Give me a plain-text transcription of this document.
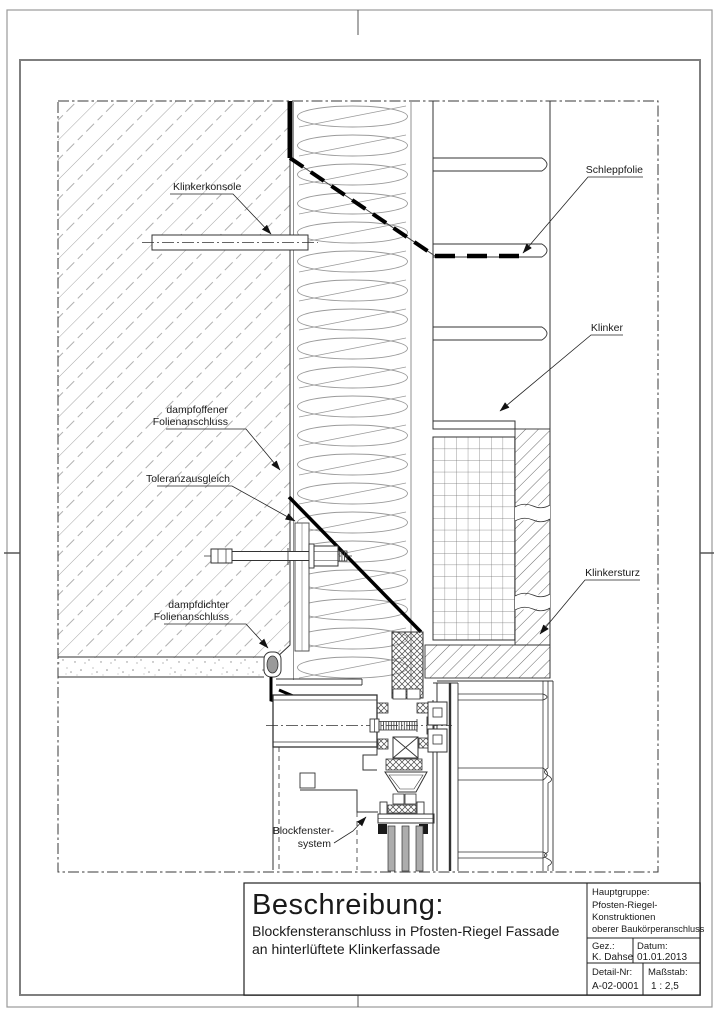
Klinkerkonsole
Schleppfolie
Klinker
dampfoffener
Folienanschluss
Toleranzausgleich
Klinkersturz
dampfdichter
Folienanschluss
Blockfenster-
system
Beschreibung:
Blockfensteranschluss in Pfosten-Riegel Fassade
an hinterlüftete Klinkerfassade
Hauptgruppe:
Pfosten-Riegel-
Konstruktionen
oberer Baukörperanschluss
Gez.:
K. Dahse
Datum:
01.01.2013
Detail-Nr:
A-02-0001
Maßstab:
1 : 2,5
